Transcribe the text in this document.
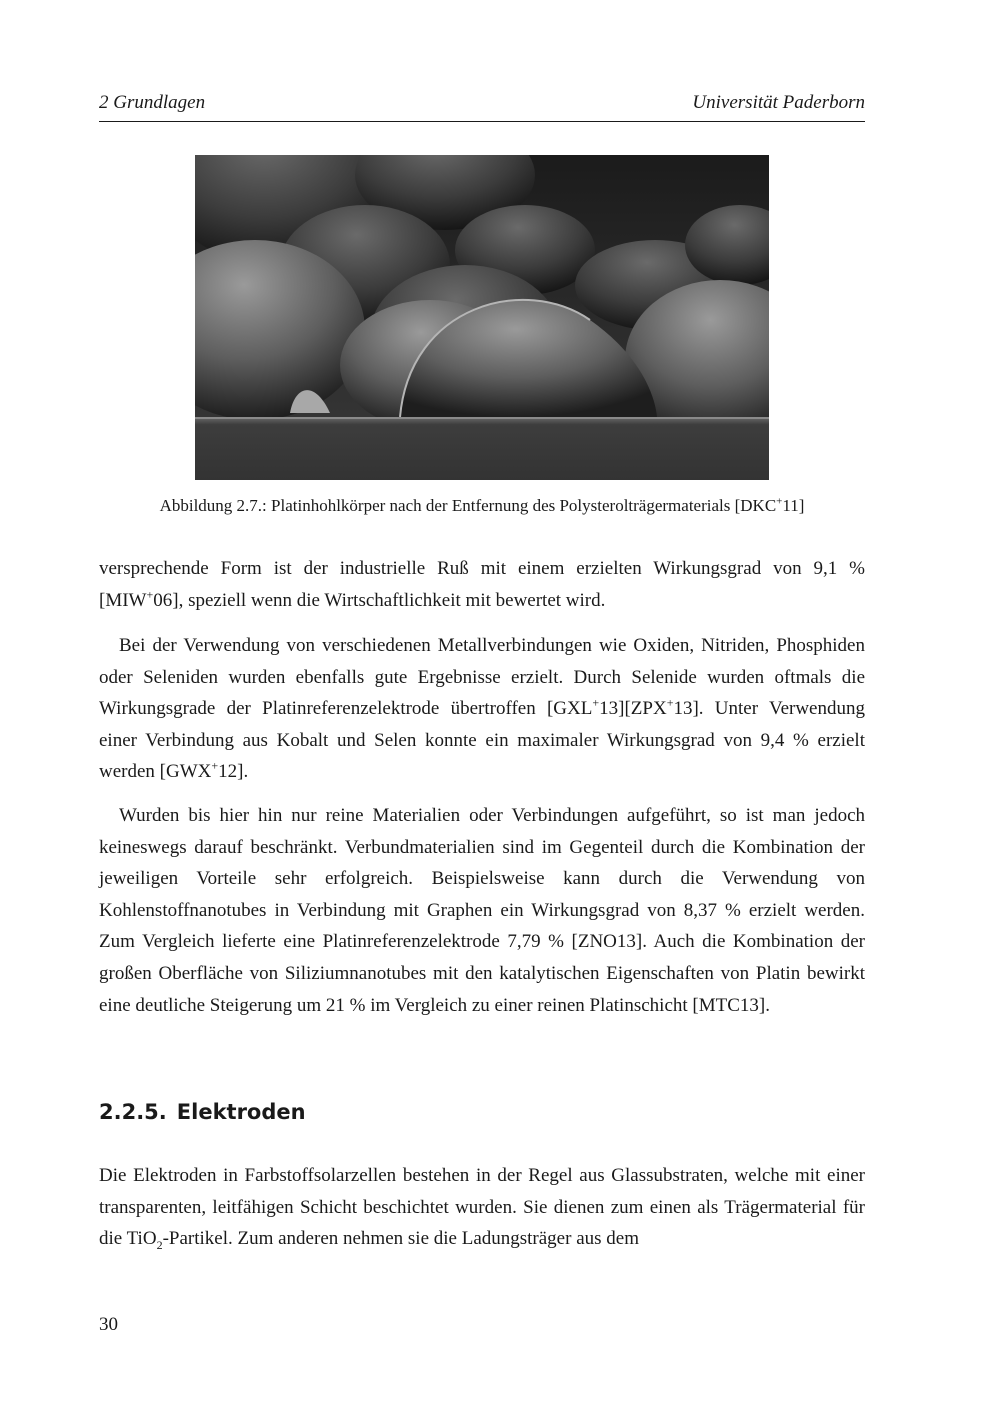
2 Grundlagen	Universität Paderborn
Abbildung 2.7.: Platinhohlkörper nach der Entfernung des Polysterolträgermaterials [DKC+11]

versprechende Form ist der industrielle Ruß mit einem erzielten Wirkungsgrad von 9,1 % [MIW+06], speziell wenn die Wirtschaftlichkeit mit bewertet wird.

Bei der Verwendung von verschiedenen Metallverbindungen wie Oxiden, Nitriden, Phosphiden oder Seleniden wurden ebenfalls gute Ergebnisse erzielt. Durch Selenide wurden oftmals die Wirkungsgrade der Platinreferenzelektrode übertroffen [GXL+13][ZPX+13]. Unter Verwendung einer Verbindung aus Kobalt und Selen konnte ein maximaler Wirkungsgrad von 9,4 % erzielt werden [GWX+12].

Wurden bis hier hin nur reine Materialien oder Verbindungen aufgeführt, so ist man jedoch keineswegs darauf beschränkt. Verbundmaterialien sind im Gegenteil durch die Kombination der jeweiligen Vorteile sehr erfolgreich. Beispielsweise kann durch die Verwendung von Kohlenstoffnanotubes in Verbindung mit Graphen ein Wirkungsgrad von 8,37 % erzielt werden. Zum Vergleich lieferte eine Platinreferenzelektrode 7,79 % [ZNO13]. Auch die Kombination der großen Oberfläche von Siliziumnanotubes mit den katalytischen Eigenschaften von Platin bewirkt eine deutliche Steigerung um 21 % im Vergleich zu einer reinen Platinschicht [MTC13].

2.2.5. Elektroden

Die Elektroden in Farbstoffsolarzellen bestehen in der Regel aus Glassubstraten, welche mit einer transparenten, leitfähigen Schicht beschichtet wurden. Sie dienen zum einen als Trägermaterial für die TiO$_2$-Partikel. Zum anderen nehmen sie die Ladungsträger aus dem

30
